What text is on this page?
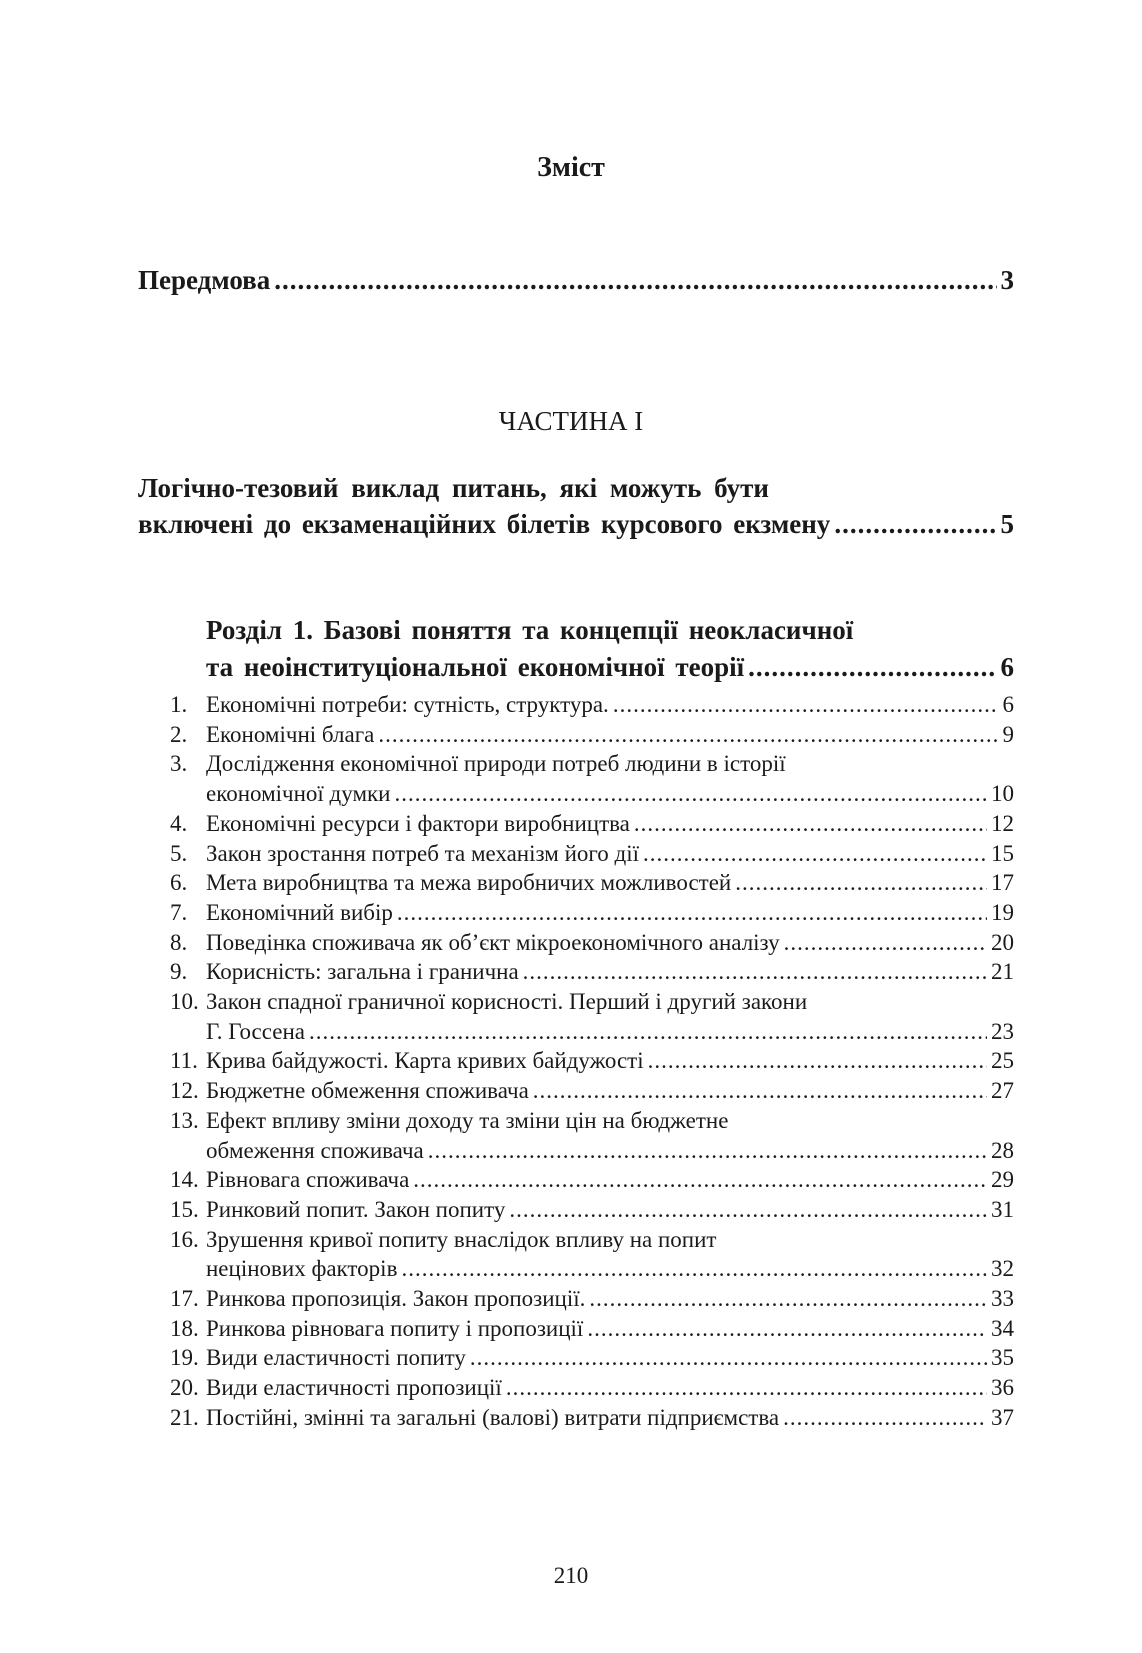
Зміст
Передмова .....	3
ЧАСТИНА І
Логічно-тезовий виклад питань, які можуть бути
включені до екзаменаційних білетів курсового екзмену .....	5
Розділ 1. Базові поняття та концепції неокласичної
та неоінституціональної економічної теорії .....	6
1. Економічні потреби: сутність, структура. .....	6
2. Економічні блага .....	9
3. Дослідження економічної природи потреб людини в історії
економічної думки .....	10
4. Економічні ресурси і фактори виробництва .....	12
5. Закон зростання потреб та механізм його дії .....	15
6. Мета виробництва та межа виробничих можливостей .....	17
7. Економічний вибір .....	19
8. Поведінка споживача як об’єкт мікроекономічного аналізу .....	20
9. Корисність: загальна і гранична .....	21
10. Закон спадної граничної корисності. Перший і другий закони
Г. Госсена .....	23
11. Крива байдужості. Карта кривих байдужості .....	25
12. Бюджетне обмеження споживача .....	27
13. Ефект впливу зміни доходу та зміни цін на бюджетне
обмеження споживача .....	28
14. Рівновага споживача .....	29
15. Ринковий попит. Закон попиту .....	31
16. Зрушення кривої попиту внаслідок впливу на попит
нецінових факторів .....	32
17. Ринкова пропозиція. Закон пропозиції. .....	33
18. Ринкова рівновага попиту і пропозиції .....	34
19. Види еластичності попиту .....	35
20. Види еластичності пропозиції .....	36
21. Постійні, змінні та загальні (валові) витрати підприємства .....	37
210
